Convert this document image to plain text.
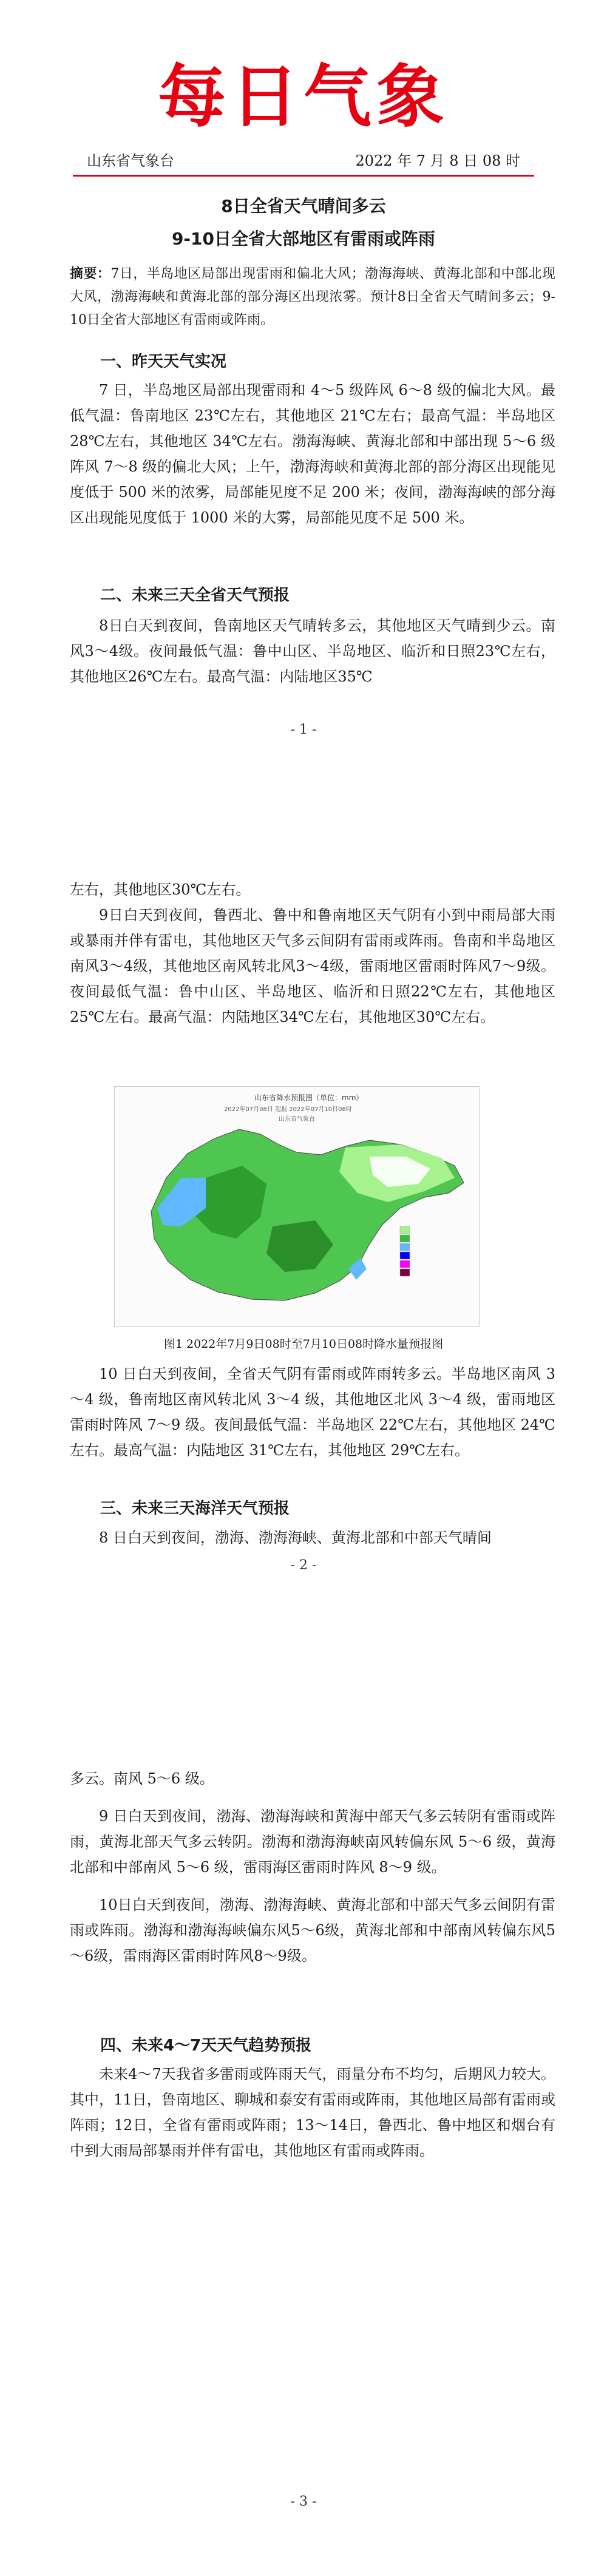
每日气象
山东省气象台	2022 年 7 月 8 日 08 时
8日全省天气晴间多云
9-10日全省大部地区有雷雨或阵雨

摘要：7日，半岛地区局部出现雷雨和偏北大风；渤海海峡、黄海北部和中部北现大风，渤海海峡和黄海北部的部分海区出现浓雾。预计8日全省天气晴间多云；9-10日全省大部地区有雷雨或阵雨。

一、昨天天气实况

7 日，半岛地区局部出现雷雨和 4～5 级阵风 6～8 级的偏北大风。最低气温：鲁南地区 23℃左右，其他地区 21℃左右；最高气温：半岛地区 28℃左右，其他地区 34℃左右。渤海海峡、黄海北部和中部出现 5～6 级阵风 7～8 级的偏北大风；上午，渤海海峡和黄海北部的部分海区出现能见度低于 500 米的浓雾，局部能见度不足 200 米；夜间，渤海海峡的部分海区出现能见度低于 1000 米的大雾，局部能见度不足 500 米。

二、未来三天全省天气预报

8日白天到夜间，鲁南地区天气晴转多云，其他地区天气晴到少云。南风3～4级。夜间最低气温：鲁中山区、半岛地区、临沂和日照23℃左右，其他地区26℃左右。最高气温：内陆地区35℃

- 1 -

左右，其他地区30℃左右。

9日白天到夜间，鲁西北、鲁中和鲁南地区天气阴有小到中雨局部大雨或暴雨并伴有雷电，其他地区天气多云间阴有雷雨或阵雨。鲁南和半岛地区南风3～4级，其他地区南风转北风3～4级，雷雨地区雷雨时阵风7～9级。夜间最低气温：鲁中山区、半岛地区、临沂和日照22℃左右，其他地区25℃左右。最高气温：内陆地区34℃左右，其他地区30℃左右。

山东省降水预报图（单位：mm）
2022年07月08日 起报 2022年07月10日08时
山东省气象台
图1 2022年7月9日08时至7月10日08时降水量预报图

10 日白天到夜间，全省天气阴有雷雨或阵雨转多云。半岛地区南风 3～4 级，鲁南地区南风转北风 3～4 级，其他地区北风 3～4 级，雷雨地区雷雨时阵风 7～9 级。夜间最低气温：半岛地区 22℃左右，其他地区 24℃左右。最高气温：内陆地区 31℃左右，其他地区 29℃左右。

三、未来三天海洋天气预报

8 日白天到夜间，渤海、渤海海峡、黄海北部和中部天气晴间

- 2 -

多云。南风 5～6 级。

9 日白天到夜间，渤海、渤海海峡和黄海中部天气多云转阴有雷雨或阵雨，黄海北部天气多云转阴。渤海和渤海海峡南风转偏东风 5～6 级，黄海北部和中部南风 5～6 级，雷雨海区雷雨时阵风 8～9 级。

10日白天到夜间，渤海、渤海海峡、黄海北部和中部天气多云间阴有雷雨或阵雨。渤海和渤海海峡偏东风5～6级，黄海北部和中部南风转偏东风5～6级，雷雨海区雷雨时阵风8～9级。

四、未来4～7天天气趋势预报

未来4～7天我省多雷雨或阵雨天气，雨量分布不均匀，后期风力较大。其中，11日，鲁南地区、聊城和泰安有雷雨或阵雨，其他地区局部有雷雨或阵雨；12日，全省有雷雨或阵雨；13～14日，鲁西北、鲁中地区和烟台有中到大雨局部暴雨并伴有雷电，其他地区有雷雨或阵雨。

- 3 -
